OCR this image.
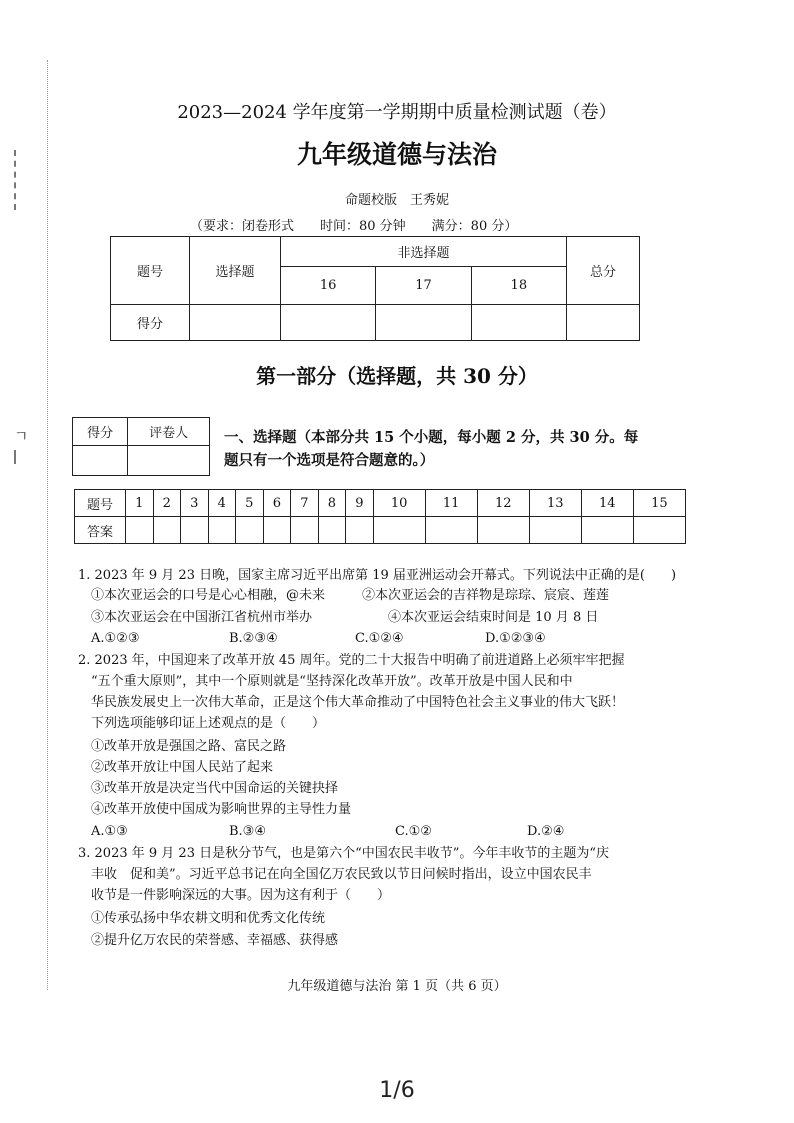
ㄱ
2023—2024 学年度第一学期期中质量检测试题（卷）
九年级道德与法治
命题校版　王秀妮
（要求：闭卷形式　　时间：80 分钟　　满分：80 分）
题号	选择题	非选择题			总分
		16	17	18	
得分					
第一部分（选择题，共 30 分）
得分	评卷人
	一、选择题（本部分共 15 个小题，每小题 2 分，共 30 分。每
题只有一个选项是符合题意的。）
题号	1	2	3	4	5	6	7	8	9	10	11	12	13	14	15
答案															
1. 2023 年 9 月 23 日晚，国家主席习近平出席第 19 届亚洲运动会开幕式。下列说法中正确的是(　　)
①本次亚运会的口号是心心相融，@未来	②本次亚运会的吉祥物是琮琮、宸宸、莲莲
③本次亚运会在中国浙江省杭州市举办	④本次亚运会结束时间是 10 月 8 日
A.①②③	B.②③④	C.①②④	D.①②③④
2. 2023 年，中国迎来了改革开放 45 周年。党的二十大报告中明确了前进道路上必须牢牢把握
“五个重大原则”，其中一个原则就是“坚持深化改革开放”。改革开放是中国人民和中
华民族发展史上一次伟大革命，正是这个伟大革命推动了中国特色社会主义事业的伟大飞跃！
下列选项能够印证上述观点的是（　　）
①改革开放是强国之路、富民之路
②改革开放让中国人民站了起来
③改革开放是决定当代中国命运的关键抉择
④改革开放使中国成为影响世界的主导性力量
A.①③	B.③④	C.①②	D.②④
3. 2023 年 9 月 23 日是秋分节气，也是第六个“中国农民丰收节”。今年丰收节的主题为“庆
丰收　促和美”。习近平总书记在向全国亿万农民致以节日问候时指出，设立中国农民丰
收节是一件影响深远的大事。因为这有利于（　　）
①传承弘扬中华农耕文明和优秀文化传统
②提升亿万农民的荣誉感、幸福感、获得感
九年级道德与法治 第 1 页（共 6 页）
1/6
